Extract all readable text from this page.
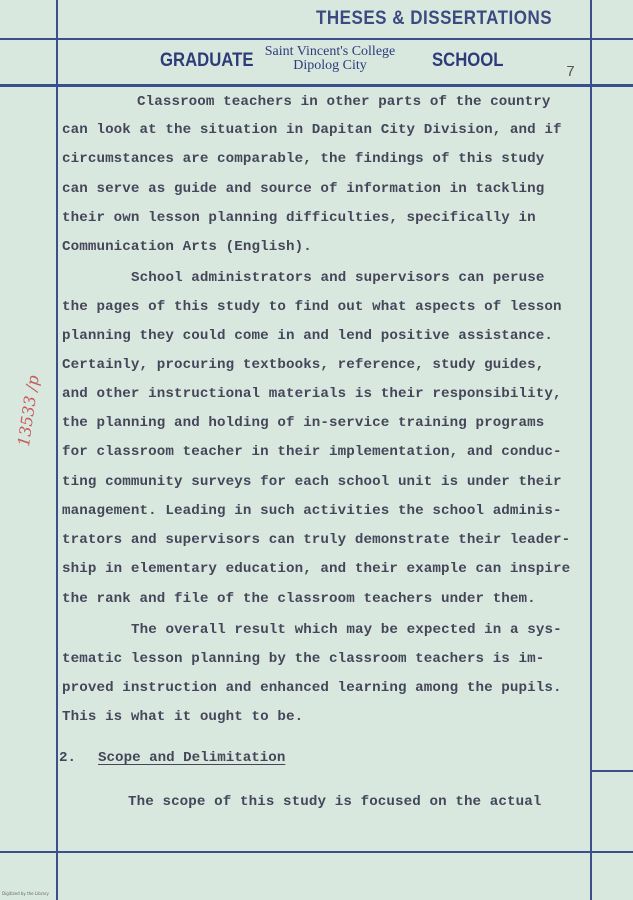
THESES & DISSERTATIONS
GRADUATE Saint Vincent's College
Dipolog City	SCHOOL
7
13533 /p
Classroom teachers in other parts of the country
can look at the situation in Dapitan City Division, and if
circumstances are comparable, the findings of this study
can serve as guide and source of information in tackling
their own lesson planning difficulties, specifically in
Communication Arts (English).
School administrators and supervisors can peruse
the pages of this study to find out what aspects of lesson
planning they could come in and lend positive assistance.
Certainly, procuring textbooks, reference, study guides,
and other instructional materials is their responsibility,
the planning and holding of in-service training programs
for classroom teacher in their implementation, and conduc-
ting community surveys for each school unit is under their
management. Leading in such activities the school adminis-
trators and supervisors can truly demonstrate their leader-
ship in elementary education, and their example can inspire
the rank and file of the classroom teachers under them.
The overall result which may be expected in a sys-
tematic lesson planning by the classroom teachers is im-
proved instruction and enhanced learning among the pupils.
This is what it ought to be.
2. Scope and Delimitation
The scope of this study is focused on the actual
Digitized by the Library
